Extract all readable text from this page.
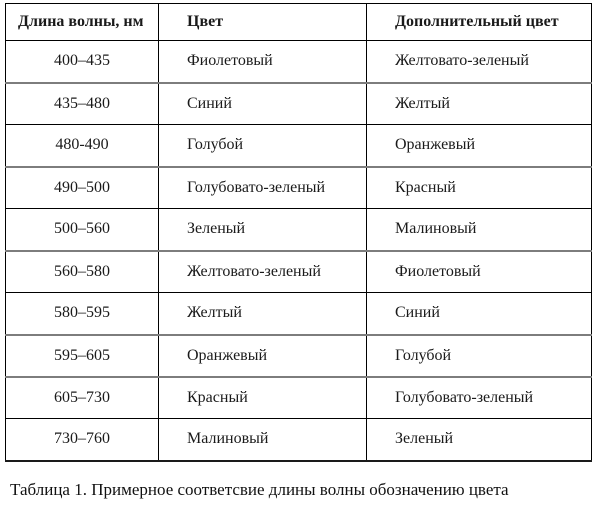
Длина волны, нм	Цвет	Дополнительный цвет
400–435	Фиолетовый	Желтовато-зеленый
435–480	Синий	Желтый
480-490	Голубой	Оранжевый
490–500	Голубовато-зеленый	Красный
500–560	Зеленый	Малиновый
560–580	Желтовато-зеленый	Фиолетовый
580–595	Желтый	Синий
595–605	Оранжевый	Голубой
605–730	Красный	Голубовато-зеленый
730–760	Малиновый	Зеленый
Таблица 1. Примерное соответсвие длины волны обозначению цвета
